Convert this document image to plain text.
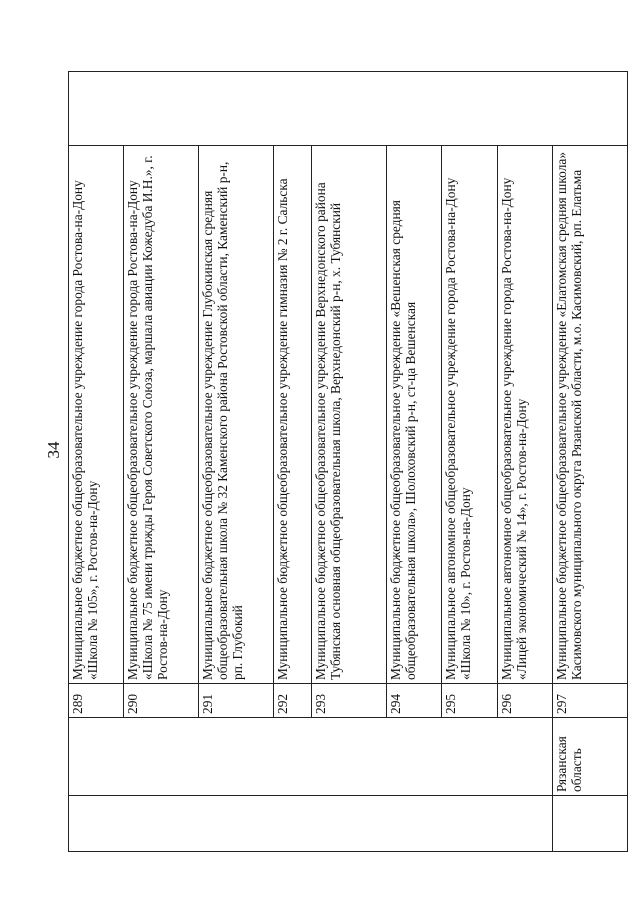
34
		289	Муниципальное бюджетное общеобразовательное учреждение города Ростова-на-Дону «Школа № 105», г. Ростов-на-Дону	
		290	Муниципальное бюджетное общеобразовательное учреждение города Ростова-на-Дону «Школа № 75 имени трижды Героя Советского Союза, маршала авиации Кожедуба И.Н.», г. Ростов-на-Дону	
		291	Муниципальное бюджетное общеобразовательное учреждение Глубокинская средняя общеобразовательная школа № 32 Каменского района Ростовской области, Каменский р-н, рп. Глубокий	
		292	Муниципальное бюджетное общеобразовательное учреждение гимназия № 2 г. Сальска	
		293	Муниципальное бюджетное общеобразовательное учреждение Верхнедонского района Тубянская основная общеобразовательная школа, Верхнедонский р-н, х. Тубянский	
		294	Муниципальное бюджетное общеобразовательное учреждение «Вешенская средняя общеобразовательная школа», Шолоховский р-н, ст-ца Вешенская	
		295	Муниципальное автономное общеобразовательное учреждение города Ростова-на-Дону «Школа № 10», г. Ростов-на-Дону	
		296	Муниципальное автономное общеобразовательное учреждение города Ростова-на-Дону «Лицей экономический № 14», г. Ростов-на-Дону	
	Рязанская область	297	Муниципальное бюджетное общеобразовательное учреждение «Елатомская средняя школа» Касимовского муниципального округа Рязанской области, м.о. Касимовский, рп. Елатьма	
